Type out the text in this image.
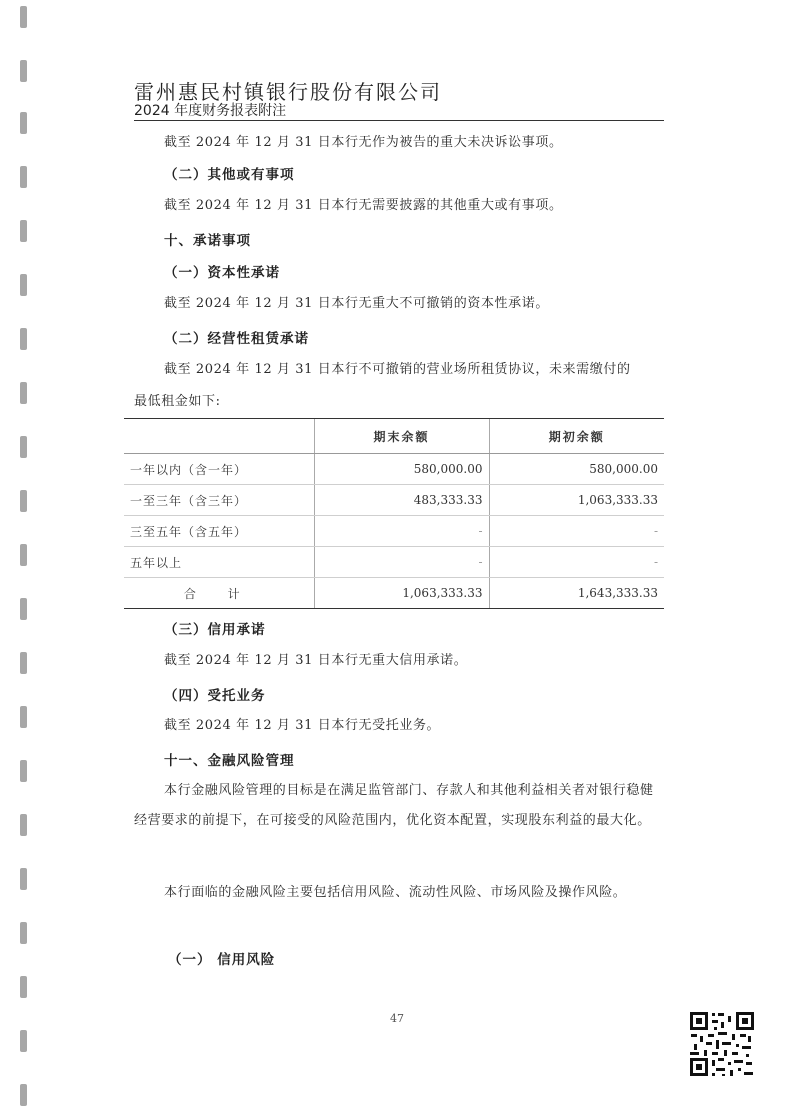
雷州惠民村镇银行股份有限公司
2024 年度财务报表附注
截至 2024 年 12 月 31 日本行无作为被告的重大未决诉讼事项。
（二）其他或有事项
截至 2024 年 12 月 31 日本行无需要披露的其他重大或有事项。
十、承诺事项
（一）资本性承诺
截至 2024 年 12 月 31 日本行无重大不可撤销的资本性承诺。
（二）经营性租赁承诺
截至 2024 年 12 月 31 日本行不可撤销的营业场所租赁协议，未来需缴付的
最低租金如下:
	期末余额	期初余额
一年以内（含一年）	580,000.00	580,000.00
一至三年（含三年）	483,333.33	1,063,333.33
三至五年（含五年）	-	-
五年以上	-	-
合 计	1,063,333.33	1,643,333.33
（三）信用承诺
截至 2024 年 12 月 31 日本行无重大信用承诺。
（四）受托业务
截至 2024 年 12 月 31 日本行无受托业务。
十一、金融风险管理
本行金融风险管理的目标是在满足监管部门、存款人和其他利益相关者对银行稳健经营要求的前提下，在可接受的风险范围内，优化资本配置，实现股东利益的最大化。
本行面临的金融风险主要包括信用风险、流动性风险、市场风险及操作风险。
（一） 信用风险
47
